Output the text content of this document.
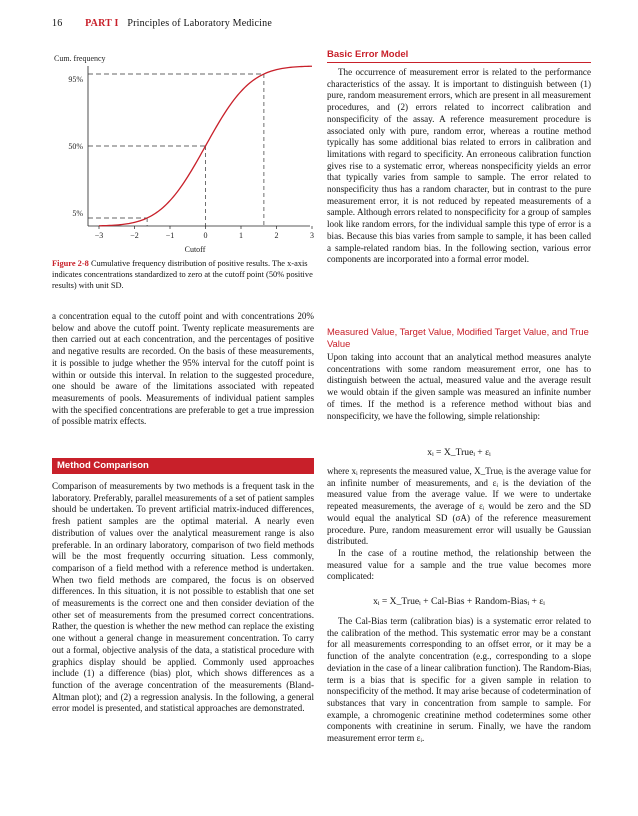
16 PART I Principles of Laboratory Medicine
Cum. frequency
95%
50%
5%
−3	−2	−1	0	1	2	3
Cutoff
Figure 2-8 Cumulative frequency distribution of positive results. The x-axis indicates concentrations standardized to zero at the cutoff point (50% positive results) with unit SD.

a concentration equal to the cutoff point and with concentrations 20% below and above the cutoff point. Twenty replicate measurements are then carried out at each concentration, and the percentages of positive and negative results are recorded. On the basis of these measurements, it is possible to judge whether the 95% interval for the cutoff point is within or outside this interval. In relation to the suggested procedure, one should be aware of the limitations associated with repeated measurements of pools. Measurements of individual patient samples with the specified concentrations are preferable to get a true impression of possible matrix effects.

Method Comparison

Comparison of measurements by two methods is a frequent task in the laboratory. Preferably, parallel measurements of a set of patient samples should be undertaken. To prevent artificial matrix-induced differences, fresh patient samples are the optimal material. A nearly even distribution of values over the analytical measurement range is also preferable. In an ordinary laboratory, comparison of two field methods will be the most frequently occurring situation. Less commonly, comparison of a field method with a reference method is undertaken. When two field methods are compared, the focus is on observed differences. In this situation, it is not possible to establish that one set of measurements is the correct one and then consider deviation of the other set of measurements from the presumed correct concentrations. Rather, the question is whether the new method can replace the existing one without a general change in measurement concentration. To carry out a formal, objective analysis of the data, a statistical procedure with graphics display should be applied. Commonly used approaches include (1) a difference (bias) plot, which shows differences as a function of the average concentration of the measurements (Bland-Altman plot); and (2) a regression analysis. In the following, a general error model is presented, and statistical approaches are demonstrated.

Basic Error Model

The occurrence of measurement error is related to the performance characteristics of the assay. It is important to distinguish between (1) pure, random measurement errors, which are present in all measurement procedures, and (2) errors related to incorrect calibration and nonspecificity of the assay. A reference measurement procedure is associated only with pure, random error, whereas a routine method typically has some additional bias related to errors in calibration and limitations with regard to specificity. An erroneous calibration function gives rise to a systematic error, whereas nonspecificity yields an error that typically varies from sample to sample. The error related to nonspecificity thus has a random character, but in contrast to the pure measurement error, it is not reduced by repeated measurements of a sample. Although errors related to nonspecificity for a group of samples look like random errors, for the individual sample this type of error is a bias. Because this bias varies from sample to sample, it has been called a sample-related random bias. In the following section, various error components are incorporated into a formal error model.

Measured Value, Target Value, Modified Target Value, and True Value

Upon taking into account that an analytical method measures analyte concentrations with some random measurement error, one has to distinguish between the actual, measured value and the average result we would obtain if the given sample was measured an infinite number of times. If the method is a reference method without bias and nonspecificity, we have the following, simple relationship:

xᵢ = X_Trueᵢ + εᵢ

where xᵢ represents the measured value, X_Trueᵢ is the average value for an infinite number of measurements, and εᵢ is the deviation of the measured value from the average value. If we were to undertake repeated measurements, the average of εᵢ would be zero and the SD would equal the analytical SD (σA) of the reference measurement procedure. Pure, random measurement error will usually be Gaussian distributed.

In the case of a routine method, the relationship between the measured value for a sample and the true value becomes more complicated:

xᵢ = X_Trueᵢ + Cal-Bias + Random-Biasᵢ + εᵢ

The Cal-Bias term (calibration bias) is a systematic error related to the calibration of the method. This systematic error may be a constant for all measurements corresponding to an offset error, or it may be a function of the analyte concentration (e.g., corresponding to a slope deviation in the case of a linear calibration function). The Random-Biasᵢ term is a bias that is specific for a given sample in relation to nonspecificity of the method. It may arise because of codetermination of substances that vary in concentration from sample to sample. For example, a chromogenic creatinine method codetermines some other components with creatinine in serum. Finally, we have the random measurement error term εᵢ.
